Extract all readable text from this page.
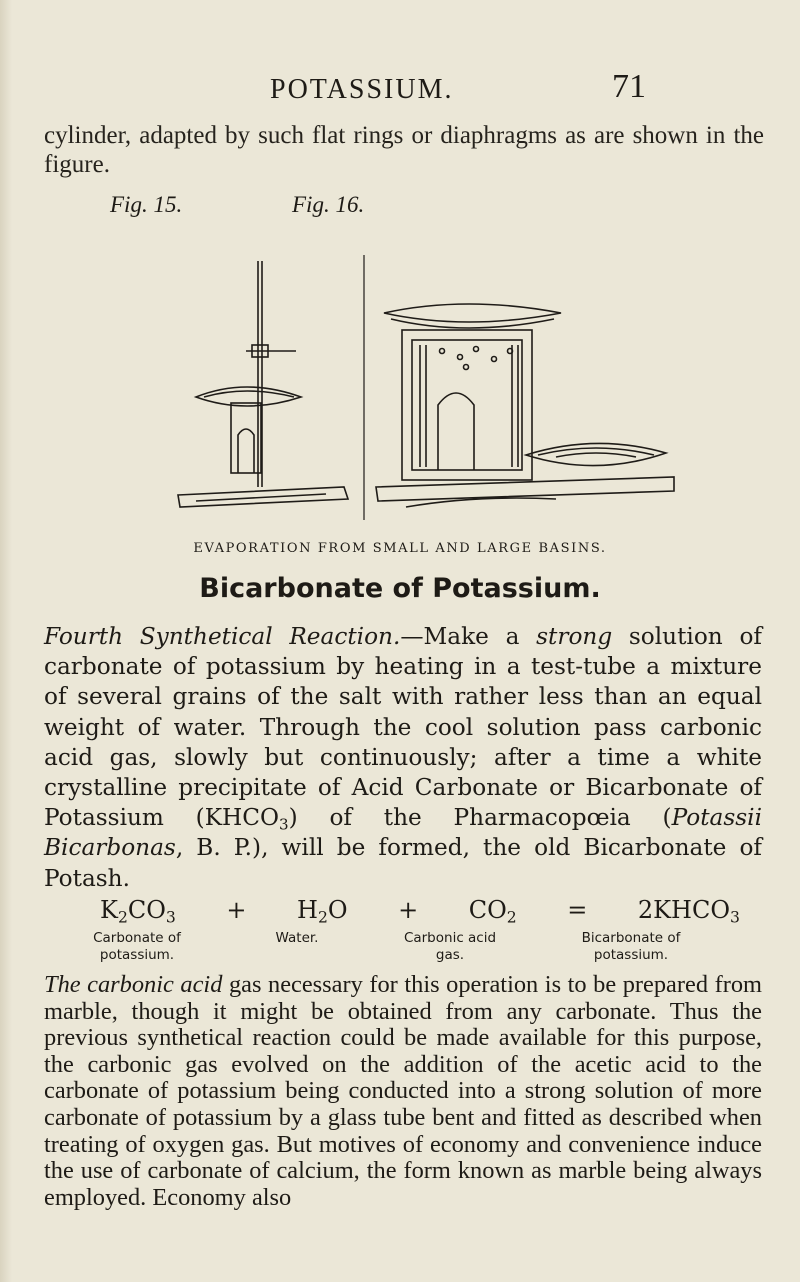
POTASSIUM.	71
cylinder, adapted by such flat rings or diaphragms as are shown in the figure.
Fig. 15.	Fig. 16.
EVAPORATION FROM SMALL AND LARGE BASINS.
Bicarbonate of Potassium.
Fourth Synthetical Reaction.—Make a strong solution of carbonate of potassium by heating in a test-tube a mixture of several grains of the salt with rather less than an equal weight of water. Through the cool solution pass carbonic acid gas, slowly but continuously; after a time a white crystalline precipitate of Acid Carbonate or Bicarbonate of Potassium $(KHCO_3)$ of the Pharmacopœia (Potassii Bicarbonas, B. P.), will be formed, the old Bicarbonate of Potash.
$K_2CO_3 + H_2O + CO_2$ = $2KHCO_3$
Carbonate of potassium.
Water.	Carbonic acid gas.
Bicarbonate of potassium.
The carbonic acid gas necessary for this operation is to be prepared from marble, though it might be obtained from any carbonate. Thus the previous synthetical reaction could be made available for this purpose, the carbonic gas evolved on the addition of the acetic acid to the carbonate of potassium being conducted into a strong solution of more carbonate of potassium by a glass tube bent and fitted as described when treating of oxygen gas. But motives of economy and convenience induce the use of carbonate of calcium, the form known as marble being always employed. Economy also
